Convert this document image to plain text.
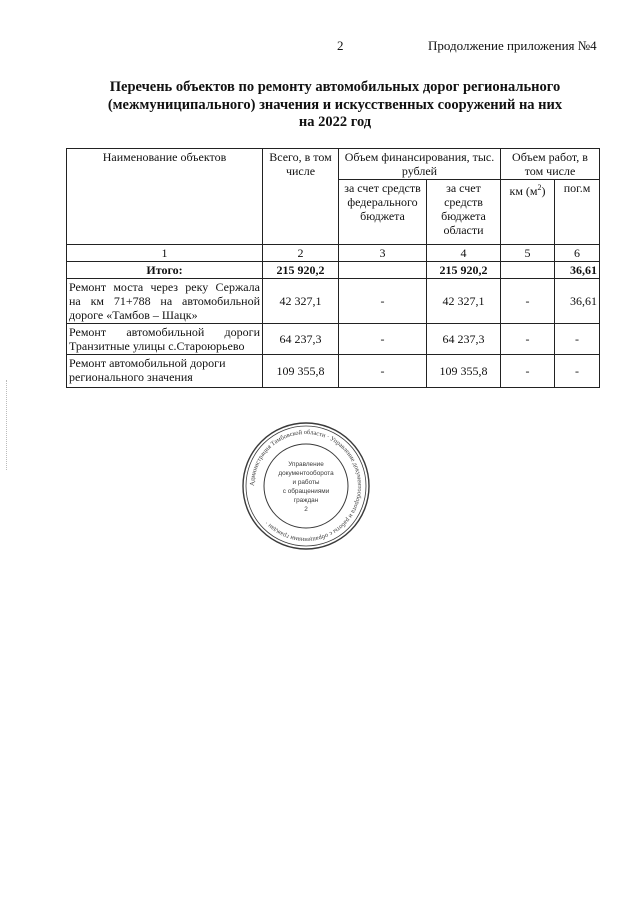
2	Продолжение приложения №4
Перечень объектов по ремонту автомобильных дорог регионального
(межмуниципального) значения и искусственных сооружений на них
на 2022 год
Наименование объектов	Всего, в том числе	Объем финансирования, тыс. рублей		Объем работ, в том числе	
		за счет средств федерального бюджета	за счет средств бюджета области	км $(м^2)$	пог.м
1	2	3	4	5	6
Итого:	215 920,2		215 920,2		36,61

Ремонт моста через реку Сержала
на км 71+788 на автомобильной
дороге «Тамбов – Шацк»	42 327,1	-	42 327,1	-	36,61

Ремонт автомобильной дороги
Транзитные улицы с.Староюрьево	64 237,3	-	64 237,3	-	-

Ремонт автомобильной дороги
регионального значения	109 355,8	-	109 355,8	-	-
Администрация Тамбовской области · Управление документооборота и работы с обращениями граждан ·
Управление
документооборота
и работы
с обращениями
граждан
2
